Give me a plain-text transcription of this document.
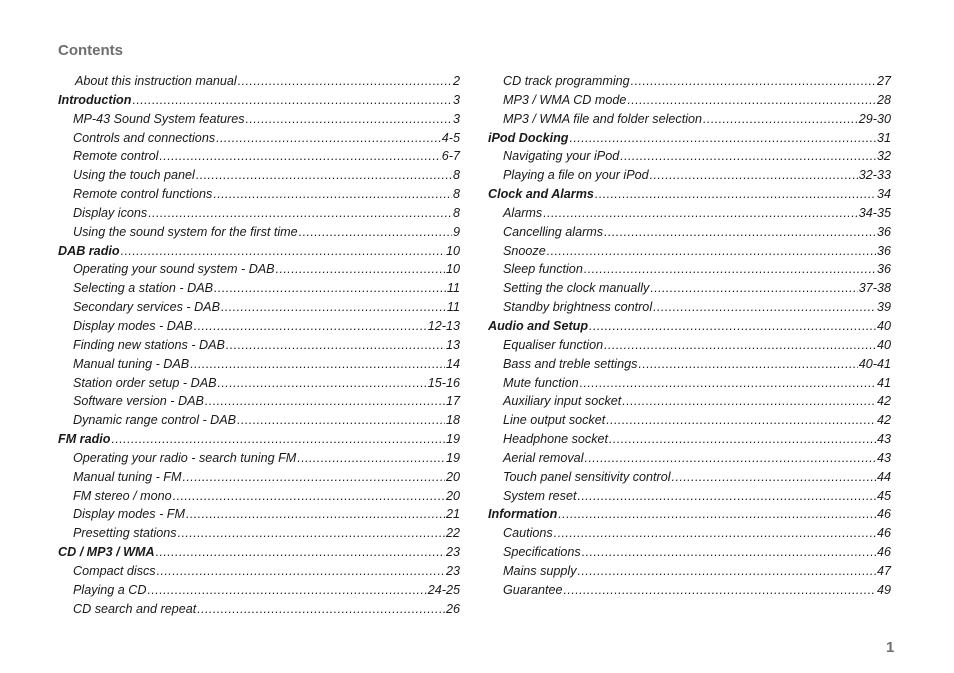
Contents
About this instruction manual .....	2
Introduction .....	3
MP-43 Sound System features .....	3
Controls and connections .....	4-5
Remote control .....	6-7
Using the touch panel .....	8
Remote control functions .....	8
Display icons .....	8
Using the sound system for the first time .....	9
DAB radio .....	10
Operating your sound system - DAB .....	10
Selecting a station - DAB .....	11
Secondary services - DAB .....	11
Display modes - DAB .....	12-13
Finding new stations - DAB .....	13
Manual tuning - DAB .....	14
Station order setup - DAB .....	15-16
Software version - DAB .....	17
Dynamic range control - DAB .....	18
FM radio .....	19
Operating your radio - search tuning FM .....	19
Manual tuning - FM .....	20
FM stereo / mono .....	20
Display modes - FM .....	21
Presetting stations .....	22
CD / MP3 / WMA .....	23
Compact discs .....	23
Playing a CD .....	24-25
CD search and repeat .....	26
CD track programming .....	27
MP3 / WMA CD mode .....	28
MP3 / WMA file and folder selection .....	29-30
iPod Docking .....	31
Navigating your iPod .....	32
Playing a file on your iPod .....	32-33
Clock and Alarms .....	34
Alarms .....	34-35
Cancelling alarms .....	36
Snooze .....	36
Sleep function .....	36
Setting the clock manually .....	37-38
Standby brightness control .....	39
Audio and Setup .....	40
Equaliser function .....	40
Bass and treble settings .....	40-41
Mute function .....	41
Auxiliary input socket .....	42
Line output socket .....	42
Headphone socket .....	43
Aerial removal .....	43
Touch panel sensitivity control .....	44
System reset .....	45
Information .....	46
Cautions .....	46
Specifications .....	46
Mains supply .....	47
Guarantee .....	49
1
